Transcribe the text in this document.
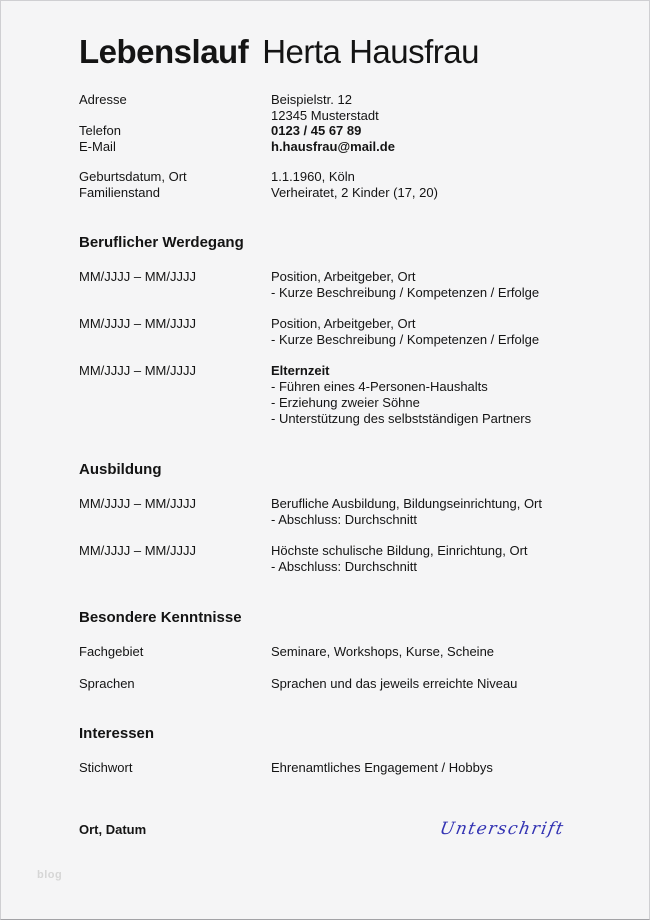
Lebenslauf Herta Hausfrau
Adresse	Beispielstr. 12
12345 Musterstadt
Telefon	0123 / 45 67 89
E-Mail	h.hausfrau@mail.de
Geburtsdatum, Ort	1.1.1960, Köln
Familienstand	Verheiratet, 2 Kinder (17, 20)
Beruflicher Werdegang
MM/JJJJ – MM/JJJJ	Position, Arbeitgeber, Ort
- Kurze Beschreibung / Kompetenzen / Erfolge
MM/JJJJ – MM/JJJJ	Position, Arbeitgeber, Ort
- Kurze Beschreibung / Kompetenzen / Erfolge
MM/JJJJ – MM/JJJJ	Elternzeit
- Führen eines 4-Personen-Haushalts
- Erziehung zweier Söhne
- Unterstützung des selbstständigen Partners
Ausbildung
MM/JJJJ – MM/JJJJ	Berufliche Ausbildung, Bildungseinrichtung, Ort
- Abschluss: Durchschnitt
MM/JJJJ – MM/JJJJ	Höchste schulische Bildung, Einrichtung, Ort
- Abschluss: Durchschnitt
Besondere Kenntnisse
Fachgebiet	Seminare, Workshops, Kurse, Scheine
Sprachen	Sprachen und das jeweils erreichte Niveau
Interessen
Stichwort	Ehrenamtliches Engagement / Hobbys
Ort, Datum	Unterschrift
blog
